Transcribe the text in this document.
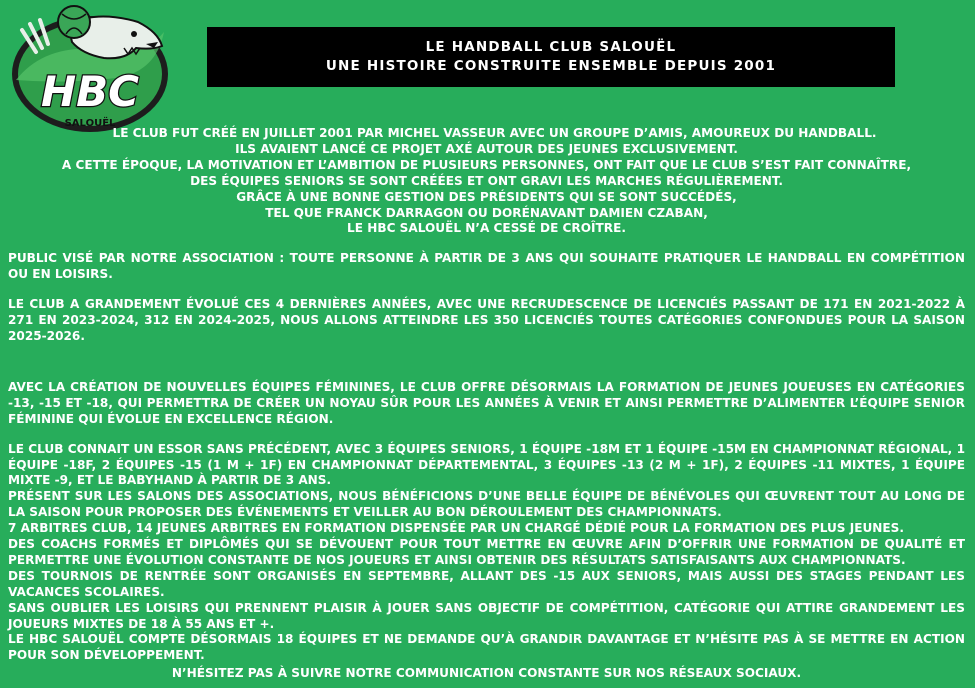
HBC
SALOUËL
LE HANDBALL CLUB SALOUËL
UNE HISTOIRE CONSTRUITE ENSEMBLE DEPUIS 2001
LE CLUB FUT CRÉÉ EN JUILLET 2001 PAR MICHEL VASSEUR AVEC UN GROUPE D’AMIS, AMOUREUX DU HANDBALL.
ILS AVAIENT LANCÉ CE PROJET AXÉ AUTOUR DES JEUNES EXCLUSIVEMENT.
A CETTE ÉPOQUE, LA MOTIVATION ET L’AMBITION DE PLUSIEURS PERSONNES, ONT FAIT QUE LE CLUB S’EST FAIT CONNAÎTRE,
DES ÉQUIPES SENIORS SE SONT CRÉÉES ET ONT GRAVI LES MARCHES RÉGULIÈREMENT.
GRÂCE À UNE BONNE GESTION DES PRÉSIDENTS QUI SE SONT SUCCÉDÉS,
TEL QUE FRANCK DARRAGON OU DORÉNAVANT DAMIEN CZABAN,
LE HBC SALOUËL N’A CESSÉ DE CROÎTRE.

PUBLIC VISÉ PAR NOTRE ASSOCIATION : TOUTE PERSONNE À PARTIR DE 3 ANS QUI SOUHAITE PRATIQUER LE HANDBALL EN COMPÉTITION OU EN LOISIRS.

LE CLUB A GRANDEMENT ÉVOLUÉ CES 4 DERNIÈRES ANNÉES, AVEC UNE RECRUDESCENCE DE LICENCIÉS PASSANT DE 171 EN 2021-2022 À 271 EN 2023-2024, 312 EN 2024-2025, NOUS ALLONS ATTEINDRE LES 350 LICENCIÉS TOUTES CATÉGORIES CONFONDUES POUR LA SAISON 2025-2026.

AVEC LA CRÉATION DE NOUVELLES ÉQUIPES FÉMININES, LE CLUB OFFRE DÉSORMAIS LA FORMATION DE JEUNES JOUEUSES EN CATÉGORIES -13, -15 ET -18, QUI PERMETTRA DE CRÉER UN NOYAU SÛR POUR LES ANNÉES À VENIR ET AINSI PERMETTRE D’ALIMENTER L’ÉQUIPE SENIOR FÉMININE QUI ÉVOLUE EN EXCELLENCE RÉGION.

LE CLUB CONNAIT UN ESSOR SANS PRÉCÉDENT, AVEC 3 ÉQUIPES SENIORS, 1 ÉQUIPE -18M ET 1 ÉQUIPE -15M EN CHAMPIONNAT RÉGIONAL, 1 ÉQUIPE -18F, 2 ÉQUIPES -15 (1 M + 1F) EN CHAMPIONNAT DÉPARTEMENTAL, 3 ÉQUIPES -13 (2 M + 1F), 2 ÉQUIPES -11 MIXTES, 1 ÉQUIPE MIXTE -9, ET LE BABYHAND À PARTIR DE 3 ANS.

PRÉSENT SUR LES SALONS DES ASSOCIATIONS, NOUS BÉNÉFICIONS D’UNE BELLE ÉQUIPE DE BÉNÉVOLES QUI ŒUVRENT TOUT AU LONG DE LA SAISON POUR PROPOSER DES ÉVÉNEMENTS ET VEILLER AU BON DÉROULEMENT DES CHAMPIONNATS.

7 ARBITRES CLUB, 14 JEUNES ARBITRES EN FORMATION DISPENSÉE PAR UN CHARGÉ DÉDIÉ POUR LA FORMATION DES PLUS JEUNES.

DES COACHS FORMÉS ET DIPLÔMÉS QUI SE DÉVOUENT POUR TOUT METTRE EN ŒUVRE AFIN D’OFFRIR UNE FORMATION DE QUALITÉ ET PERMETTRE UNE ÉVOLUTION CONSTANTE DE NOS JOUEURS ET AINSI OBTENIR DES RÉSULTATS SATISFAISANTS AUX CHAMPIONNATS.

DES TOURNOIS DE RENTRÉE SONT ORGANISÉS EN SEPTEMBRE, ALLANT DES -15 AUX SENIORS, MAIS AUSSI DES STAGES PENDANT LES VACANCES SCOLAIRES.

SANS OUBLIER LES LOISIRS QUI PRENNENT PLAISIR À JOUER SANS OBJECTIF DE COMPÉTITION, CATÉGORIE QUI ATTIRE GRANDEMENT LES JOUEURS MIXTES DE 18 À 55 ANS ET +.

LE HBC SALOUËL COMPTE DÉSORMAIS 18 ÉQUIPES ET NE DEMANDE QU’À GRANDIR DAVANTAGE ET N’HÉSITE PAS À SE METTRE EN ACTION POUR SON DÉVELOPPEMENT.

N’HÉSITEZ PAS À SUIVRE NOTRE COMMUNICATION CONSTANTE SUR NOS RÉSEAUX SOCIAUX.
